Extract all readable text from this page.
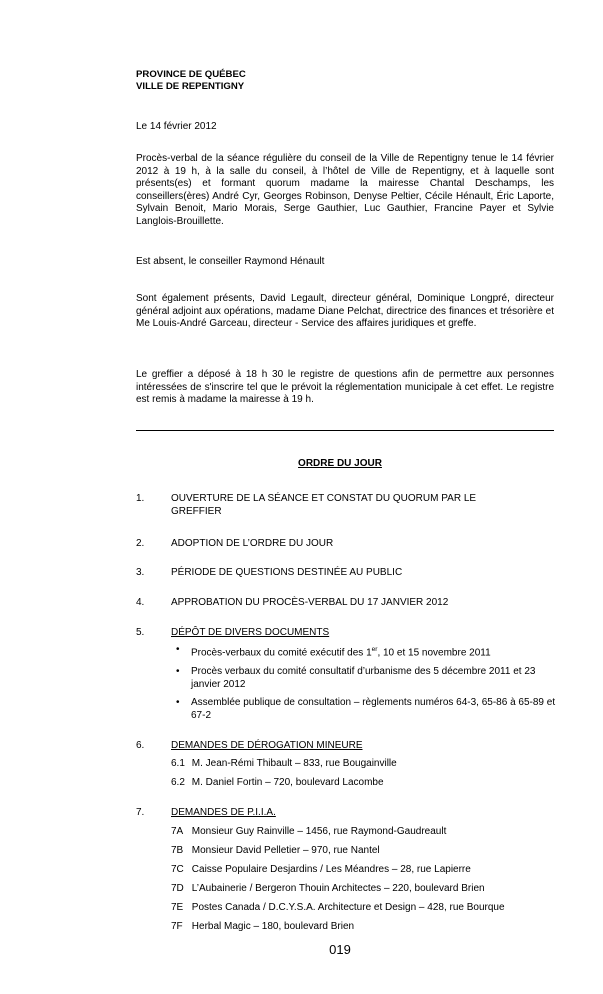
PROVINCE DE QUÉBEC
VILLE DE REPENTIGNY
Le 14 février 2012
Procès-verbal de la séance régulière du conseil de la Ville de Repentigny tenue le 14 février 2012 à 19 h, à la salle du conseil, à l’hôtel de Ville de Repentigny, et à laquelle sont présents(es) et formant quorum madame la mairesse Chantal Deschamps, les conseillers(ères) André Cyr, Georges Robinson, Denyse Peltier, Cécile Hénault, Éric Laporte, Sylvain Benoit, Mario Morais, Serge Gauthier, Luc Gauthier, Francine Payer et Sylvie Langlois-Brouillette.
Est absent, le conseiller Raymond Hénault
Sont également présents, David Legault, directeur général, Dominique Longpré, directeur général adjoint aux opérations, madame Diane Pelchat, directrice des finances et trésorière et Me Louis-André Garceau, directeur - Service des affaires juridiques et greffe.
Le greffier a déposé à 18 h 30 le registre de questions afin de permettre aux personnes intéressées de s'inscrire tel que le prévoit la réglementation municipale à cet effet. Le registre est remis à madame la mairesse à 19 h.
ORDRE DU JOUR
1.	OUVERTURE DE LA SÉANCE ET CONSTAT DU QUORUM PAR LE GREFFIER
2.	ADOPTION DE L’ORDRE DU JOUR
3.	PÉRIODE DE QUESTIONS DESTINÉE AU PUBLIC
4.	APPROBATION DU PROCÈS-VERBAL DU 17 JANVIER 2012
5.	DÉPÔT DE DIVERS DOCUMENTS
• Procès-verbaux du comité exécutif des 1er, 10 et 15 novembre 2011
• Procès verbaux du comité consultatif d’urbanisme des 5 décembre 2011 et 23 janvier 2012
• Assemblée publique de consultation – règlements numéros 64-3, 65-86 à 65-89 et 67-2
6.	DEMANDES DE DÉROGATION MINEURE
6.1 M. Jean-Rémi Thibault – 833, rue Bougainville
6.2 M. Daniel Fortin – 720, boulevard Lacombe
7.	DEMANDES DE P.I.I.A.
7A Monsieur Guy Rainville – 1456, rue Raymond-Gaudreault
7B Monsieur David Pelletier – 970, rue Nantel
7C Caisse Populaire Desjardins / Les Méandres – 28, rue Lapierre
7D L’Aubainerie / Bergeron Thouin Architectes – 220, boulevard Brien
7E Postes Canada / D.C.Y.S.A. Architecture et Design – 428, rue Bourque
7F Herbal Magic – 180, boulevard Brien
019
